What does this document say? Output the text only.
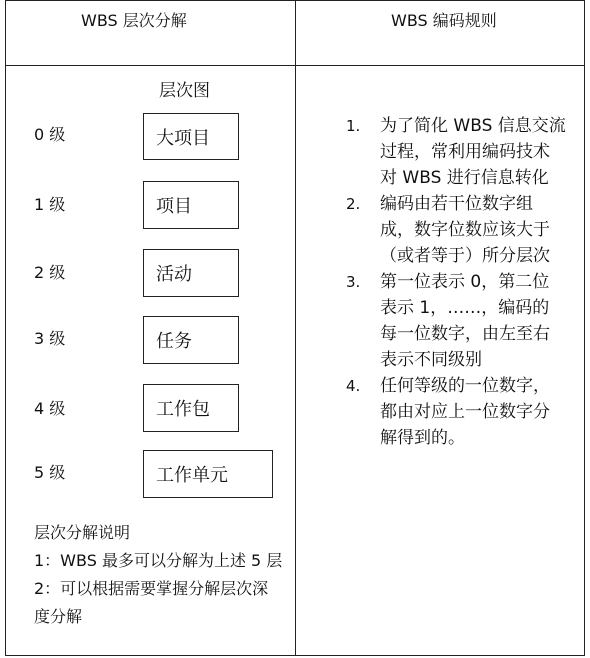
WBS 层次分解	WBS 编码规则
层次图
0 级	大项目
1 级	项目
2 级	活动
3 级	任务
4 级	工作包
5 级	工作单元
层次分解说明
1：WBS 最多可以分解为上述 5 层
2：可以根据需要掌握分解层次深度分解
1. 为了简化 WBS 信息交流过程，常利用编码技术对 WBS 进行信息转化
2. 编码由若干位数字组成，数字位数应该大于（或者等于）所分层次
3. 第一位表示 0，第二位表示 1，……，编码的每一位数字，由左至右表示不同级别
4. 任何等级的一位数字，都由对应上一位数字分解得到的。
